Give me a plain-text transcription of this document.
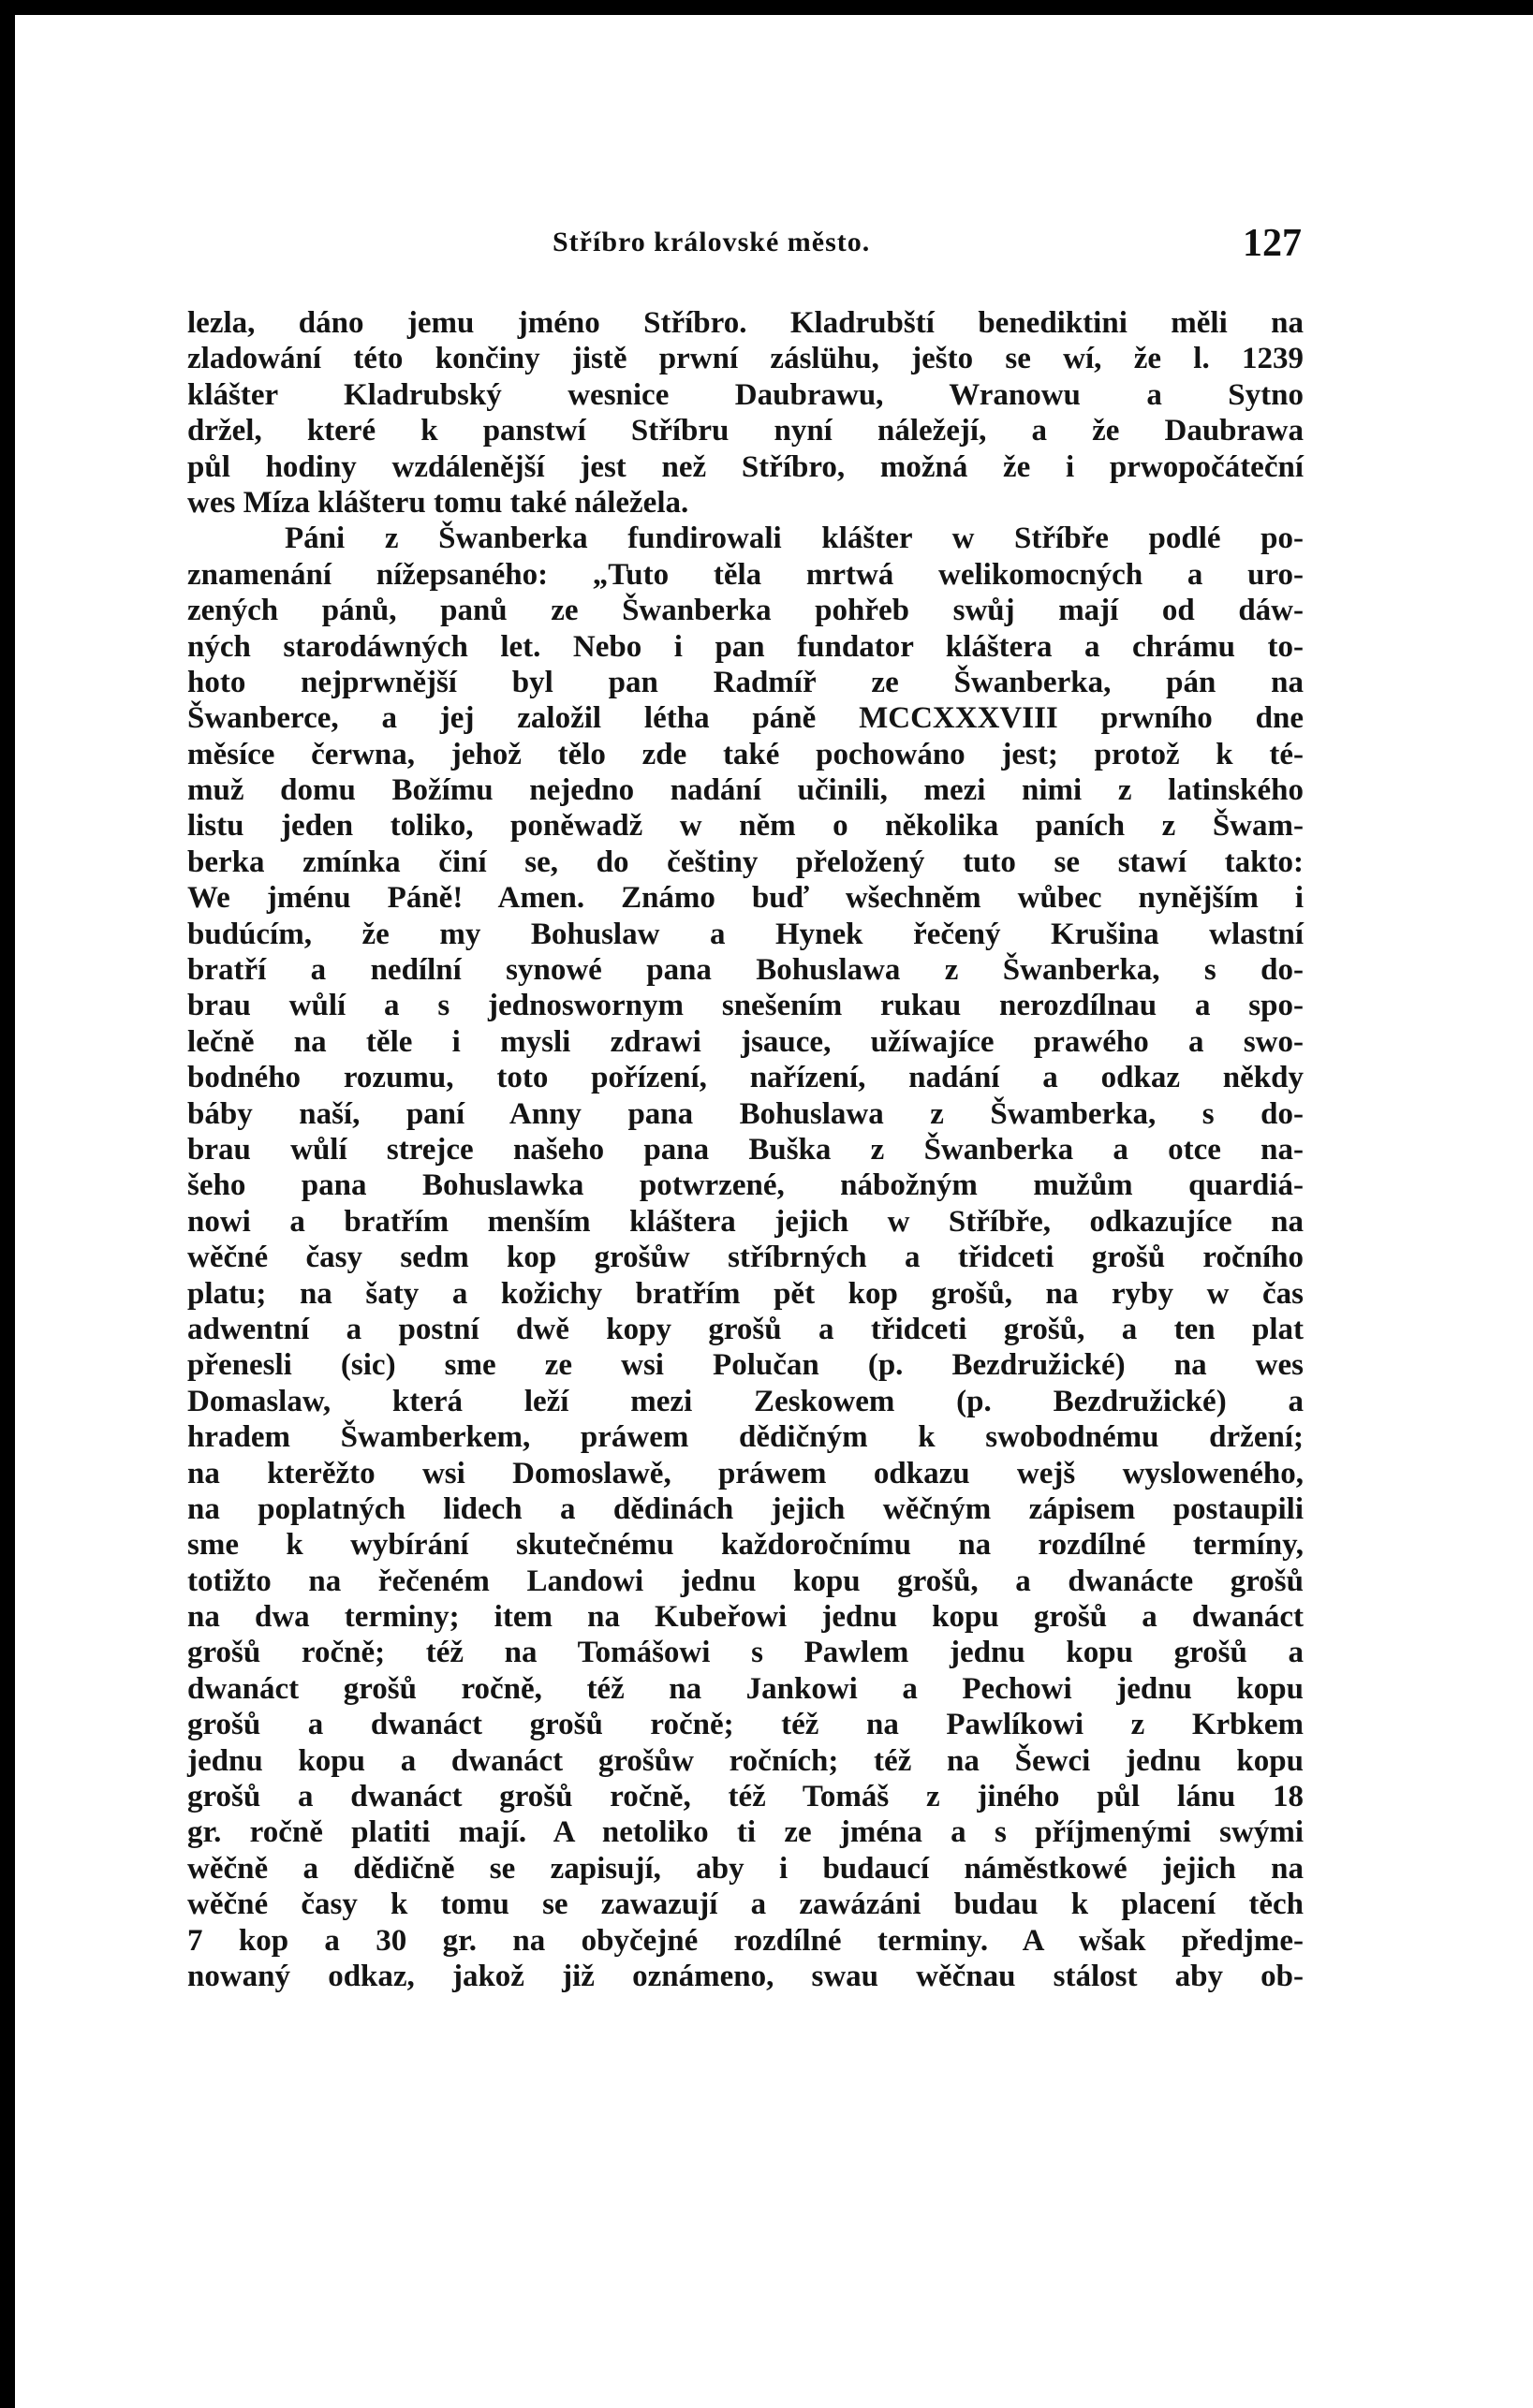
Stříbro královské město.	127
lezla, dáno jemu jméno Stříbro. Kladrubští benediktini měli na
zladowání této končiny jistě prwní záslühu, ješto se wí, že l. 1239
klášter Kladrubský wesnice Daubrawu, Wranowu a Sytno
držel, které k panstwí Stříbru nyní náležejí, a že Daubrawa
půl hodiny wzdálenější jest než Stříbro, možná že i prwopočáteční
wes Míza klášteru tomu také náležela.
Páni z Šwanberka fundirowali klášter w Stříbře podlé po-
znamenání nížepsaného: „Tuto těla mrtwá welikomocných a uro-
zených pánů, panů ze Šwanberka pohřeb swůj mají od dáw-
ných starodáwných let. Nebo i pan fundator kláštera a chrámu to-
hoto nejprwnější byl pan Radmíř ze Šwanberka, pán na
Šwanberce, a jej založil létha páně MCCXXXVIII prwního dne
měsíce čerwna, jehož tělo zde také pochowáno jest; protož k té-
muž domu Božímu nejedno nadání učinili, mezi nimi z latinského
listu jeden toliko, poněwadž w něm o několika paních z Šwam-
berka zmínka činí se, do češtiny přeložený tuto se stawí takto:
We jménu Páně! Amen. Známo buď wšechněm wůbec nynějším i
budúcím, že my Bohuslaw a Hynek řečený Krušina wlastní
bratří a nedílní synowé pana Bohuslawa z Šwanberka, s do-
brau wůlí a s jednoswornym snešením rukau nerozdílnau a spo-
lečně na těle i mysli zdrawi jsauce, užíwajíce prawého a swo-
bodného rozumu, toto pořízení, nařízení, nadání a odkaz někdy
báby naší, paní Anny pana Bohuslawa z Šwamberka, s do-
brau wůlí strejce našeho pana Buška z Šwanberka a otce na-
šeho pana Bohuslawka potwrzené, nábožným mužům quardiá-
nowi a bratřím menším kláštera jejich w Stříbře, odkazujíce na
wěčné časy sedm kop grošůw stříbrných a třidceti grošů ročního
platu; na šaty a kožichy bratřím pět kop grošů, na ryby w čas
adwentní a postní dwě kopy grošů a třidceti grošů, a ten plat
přenesli (sic) sme ze wsi Polučan (p. Bezdružické) na wes
Domaslaw, která leží mezi Zeskowem (p. Bezdružické) a
hradem Šwamberkem, práwem dědičným k swobodnému držení;
na kterěžto wsi Domoslawě, práwem odkazu wejš wysloweného,
na poplatných lidech a dědinách jejich wěčným zápisem postaupili
sme k wybírání skutečnému každoročnímu na rozdílné termíny,
totižto na řečeném Landowi jednu kopu grošů, a dwanácte grošů
na dwa terminy; item na Kubeřowi jednu kopu grošů a dwanáct
grošů ročně; též na Tomášowi s Pawlem jednu kopu grošů a
dwanáct grošů ročně, též na Jankowi a Pechowi jednu kopu
grošů a dwanáct grošů ročně; též na Pawlíkowi z Krbkem
jednu kopu a dwanáct grošůw ročních; též na Šewci jednu kopu
grošů a dwanáct grošů ročně, též Tomáš z jiného půl lánu 18
gr. ročně platiti mají. A netoliko ti ze jména a s příjmenými swými
wěčně a dědičně se zapisují, aby i budaucí náměstkowé jejich na
wěčné časy k tomu se zawazují a zawázáni budau k placení těch
7 kop a 30 gr. na obyčejné rozdílné terminy. A wšak předjme-
nowaný odkaz, jakož již oznámeno, swau wěčnau stálost aby ob-
